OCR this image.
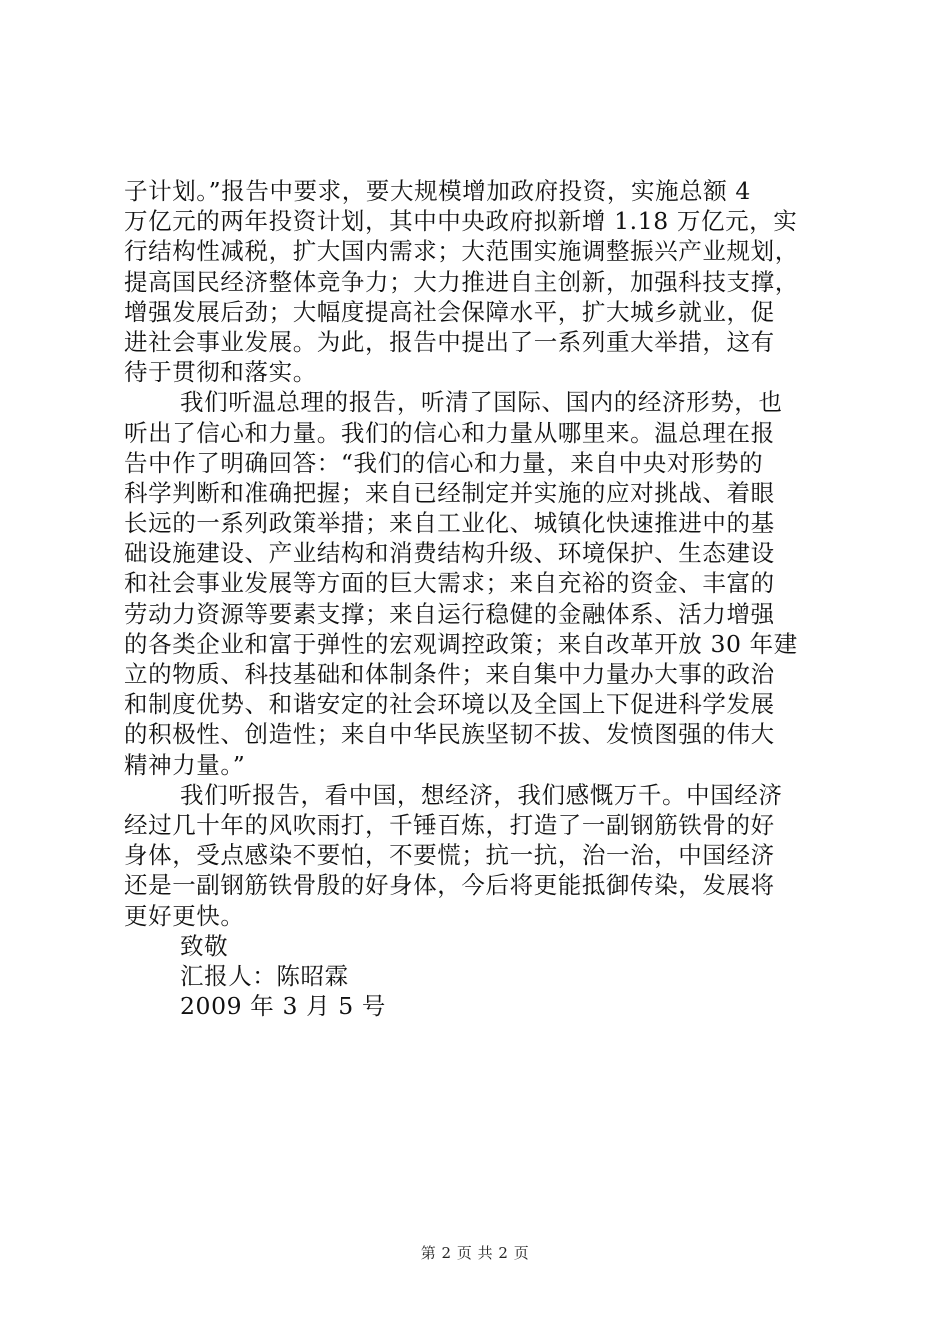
子计划。”报告中要求，要大规模增加政府投资，实施总额 4
万亿元的两年投资计划，其中中央政府拟新增 1.18 万亿元，实
行结构性减税，扩大国内需求；大范围实施调整振兴产业规划，
提高国民经济整体竞争力；大力推进自主创新，加强科技支撑，
增强发展后劲；大幅度提高社会保障水平，扩大城乡就业，促
进社会事业发展。为此，报告中提出了一系列重大举措，这有
待于贯彻和落实。
我们听温总理的报告，听清了国际、国内的经济形势，也
听出了信心和力量。我们的信心和力量从哪里来。温总理在报
告中作了明确回答：“我们的信心和力量，来自中央对形势的
科学判断和准确把握；来自已经制定并实施的应对挑战、着眼
长远的一系列政策举措；来自工业化、城镇化快速推进中的基
础设施建设、产业结构和消费结构升级、环境保护、生态建设
和社会事业发展等方面的巨大需求；来自充裕的资金、丰富的
劳动力资源等要素支撑；来自运行稳健的金融体系、活力增强
的各类企业和富于弹性的宏观调控政策；来自改革开放 30 年建
立的物质、科技基础和体制条件；来自集中力量办大事的政治
和制度优势、和谐安定的社会环境以及全国上下促进科学发展
的积极性、创造性；来自中华民族坚韧不拔、发愤图强的伟大
精神力量。”
我们听报告，看中国，想经济，我们感慨万千。中国经济
经过几十年的风吹雨打，千锤百炼，打造了一副钢筋铁骨的好
身体，受点感染不要怕，不要慌；抗一抗，治一治，中国经济
还是一副钢筋铁骨殷的好身体，今后将更能抵御传染，发展将
更好更快。
致敬
汇报人：陈昭霖
2009 年 3 月 5 号
第 2 页 共 2 页
